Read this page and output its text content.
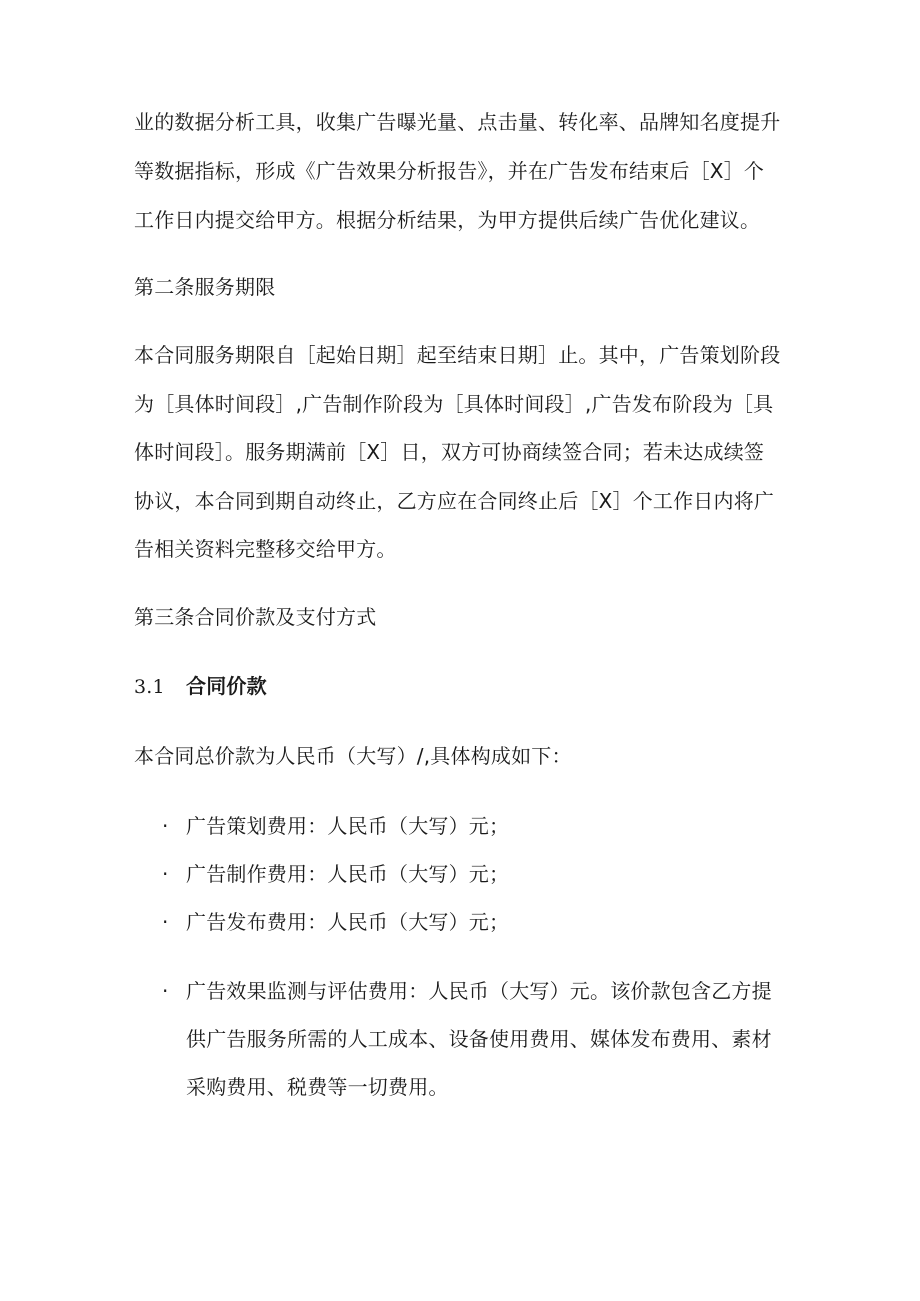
业的数据分析工具，收集广告曝光量、点击量、转化率、品牌知名度提升
等数据指标，形成《广告效果分析报告》，并在广告发布结束后［X］个
工作日内提交给甲方。根据分析结果，为甲方提供后续广告优化建议。
第二条服务期限
本合同服务期限自［起始日期］起至结束日期］止。其中，广告策划阶段
为［具体时间段］,广告制作阶段为［具体时间段］,广告发布阶段为［具
体时间段］。服务期满前［X］日，双方可协商续签合同；若未达成续签
协议，本合同到期自动终止，乙方应在合同终止后［X］个工作日内将广
告相关资料完整移交给甲方。
第三条合同价款及支付方式
3.1 合同价款
本合同总价款为人民币（大写）/,具体构成如下：
· 广告策划费用：人民币（大写）元；
· 广告制作费用：人民币（大写）元；
· 广告发布费用：人民币（大写）元；
· 广告效果监测与评估费用：人民币（大写）元。该价款包含乙方提
供广告服务所需的人工成本、设备使用费用、媒体发布费用、素材
采购费用、税费等一切费用。
